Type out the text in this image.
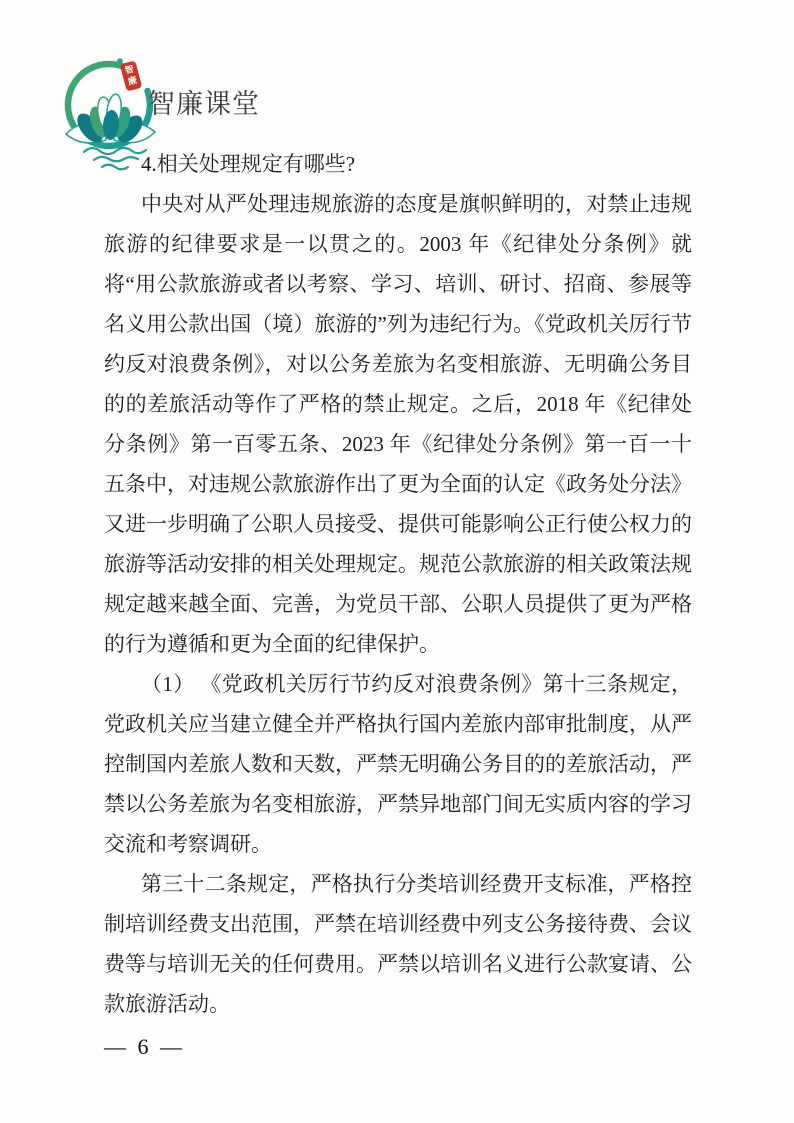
智
廉
智廉课堂
4.相关处理规定有哪些?

中央对从严处理违规旅游的态度是旗帜鲜明的，对禁止违规旅游的纪律要求是一以贯之的。2003 年《纪律处分条例》就将“用公款旅游或者以考察、学习、培训、研讨、招商、参展等名义用公款出国（境）旅游的”列为违纪行为。《党政机关厉行节约反对浪费条例》，对以公务差旅为名变相旅游、无明确公务目的的差旅活动等作了严格的禁止规定。之后，2018 年《纪律处分条例》第一百零五条、2023 年《纪律处分条例》第一百一十五条中，对违规公款旅游作出了更为全面的认定《政务处分法》又进一步明确了公职人员接受、提供可能影响公正行使公权力的旅游等活动安排的相关处理规定。规范公款旅游的相关政策法规规定越来越全面、完善，为党员干部、公职人员提供了更为严格的行为遵循和更为全面的纪律保护。

（1） 《党政机关厉行节约反对浪费条例》第十三条规定，党政机关应当建立健全并严格执行国内差旅内部审批制度，从严控制国内差旅人数和天数，严禁无明确公务目的的差旅活动，严禁以公务差旅为名变相旅游，严禁异地部门间无实质内容的学习交流和考察调研。

第三十二条规定，严格执行分类培训经费开支标准，严格控制培训经费支出范围，严禁在培训经费中列支公务接待费、会议费等与培训无关的任何费用。严禁以培训名义进行公款宴请、公款旅游活动。

— 6 —
